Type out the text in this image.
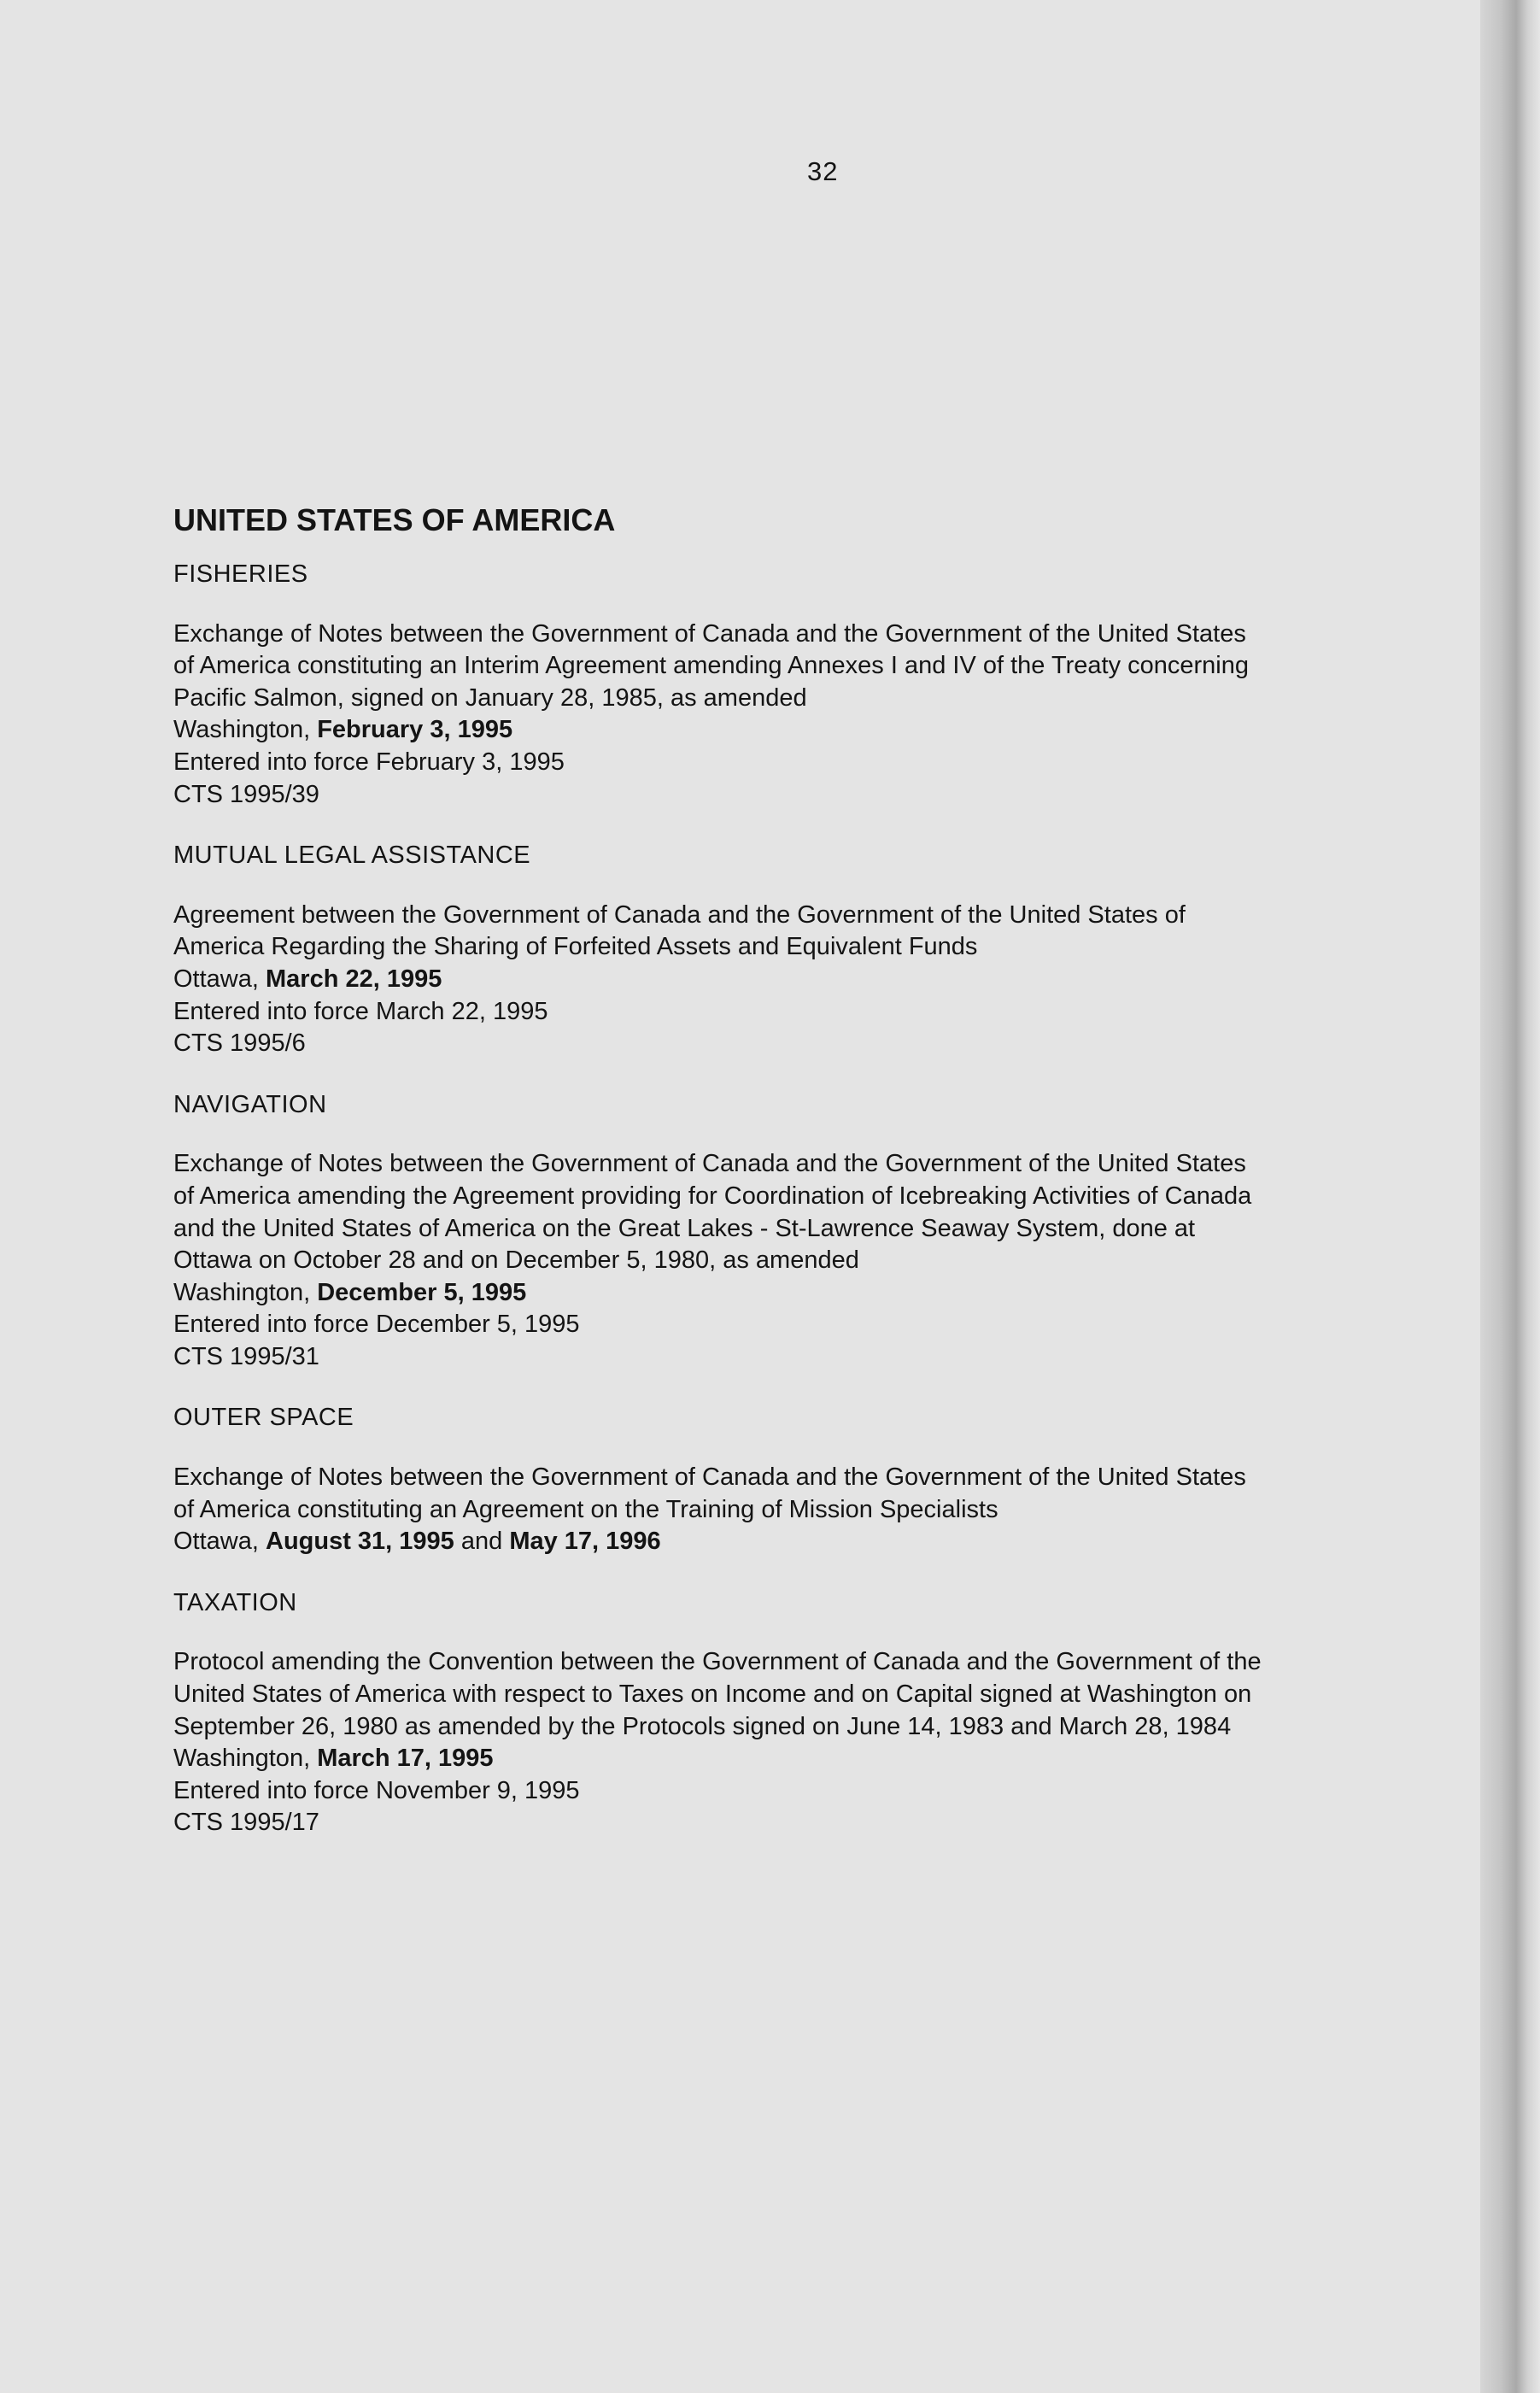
32
UNITED STATES OF AMERICA
FISHERIES
Exchange of Notes between the Government of Canada and the Government of the United States
of America constituting an Interim Agreement amending Annexes I and IV of the Treaty concerning
Pacific Salmon, signed on January 28, 1985, as amended
Washington, February 3, 1995
Entered into force February 3, 1995
CTS 1995/39
MUTUAL LEGAL ASSISTANCE
Agreement between the Government of Canada and the Government of the United States of
America Regarding the Sharing of Forfeited Assets and Equivalent Funds
Ottawa, March 22, 1995
Entered into force March 22, 1995
CTS 1995/6
NAVIGATION
Exchange of Notes between the Government of Canada and the Government of the United States
of America amending the Agreement providing for Coordination of Icebreaking Activities of Canada
and the United States of America on the Great Lakes - St-Lawrence Seaway System, done at
Ottawa on October 28 and on December 5, 1980, as amended
Washington, December 5, 1995
Entered into force December 5, 1995
CTS 1995/31
OUTER SPACE
Exchange of Notes between the Government of Canada and the Government of the United States
of America constituting an Agreement on the Training of Mission Specialists
Ottawa, August 31, 1995 and May 17, 1996
TAXATION
Protocol amending the Convention between the Government of Canada and the Government of the
United States of America with respect to Taxes on Income and on Capital signed at Washington on
September 26, 1980 as amended by the Protocols signed on June 14, 1983 and March 28, 1984
Washington, March 17, 1995
Entered into force November 9, 1995
CTS 1995/17
